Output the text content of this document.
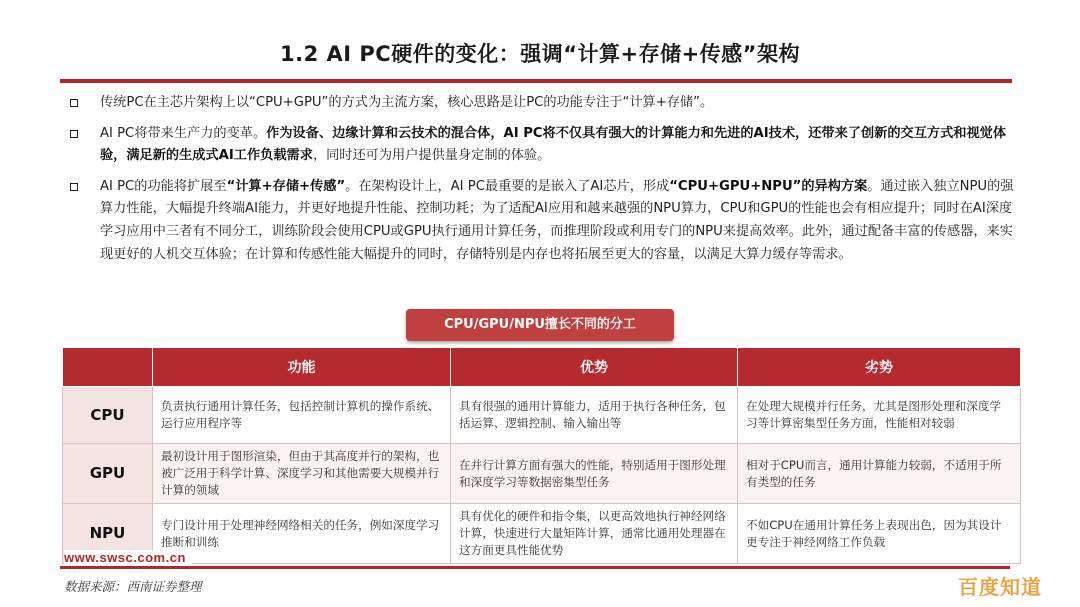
1.2 AI PC硬件的变化：强调“计算+存储+传感”架构
传统PC在主芯片架构上以“CPU+GPU”的方式为主流方案，核心思路是让PC的功能专注于“计算+存储”。
AI PC将带来生产力的变革。作为设备、边缘计算和云技术的混合体，AI PC将不仅具有强大的计算能力和先进的AI技术，还带来了创新的交互方式和视觉体验，满足新的生成式AI工作负载需求，同时还可为用户提供量身定制的体验。
AI PC的功能将扩展至“计算+存储+传感”。在架构设计上，AI PC最重要的是嵌入了AI芯片，形成“CPU+GPU+NPU”的异构方案。通过嵌入独立NPU的强算力性能，大幅提升终端AI能力，并更好地提升性能、控制功耗；为了适配AI应用和越来越强的NPU算力，CPU和GPU的性能也会有相应提升；同时在AI深度学习应用中三者有不同分工，训练阶段会使用CPU或GPU执行通用计算任务，而推理阶段或利用专门的NPU来提高效率。此外，通过配备丰富的传感器，来实现更好的人机交互体验；在计算和传感性能大幅提升的同时，存储特别是内存也将拓展至更大的容量，以满足大算力缓存等需求。
CPU/GPU/NPU擅长不同的分工
	功能	优势	劣势
CPU	负责执行通用计算任务，包括控制计算机的操作系统、运行应用程序等	具有很强的通用计算能力，适用于执行各种任务，包括运算、逻辑控制、输入输出等	在处理大规模并行任务，尤其是图形处理和深度学习等计算密集型任务方面，性能相对较弱
GPU	最初设计用于图形渲染，但由于其高度并行的架构，也被广泛用于科学计算、深度学习和其他需要大规模并行计算的领域	在并行计算方面有强大的性能，特别适用于图形处理和深度学习等数据密集型任务	相对于CPU而言，通用计算能力较弱，不适用于所有类型的任务
NPU	专门设计用于处理神经网络相关的任务，例如深度学习推断和训练	具有优化的硬件和指令集，以更高效地执行神经网络计算，快速进行大量矩阵计算，通常比通用处理器在这方面更具性能优势	不如CPU在通用计算任务上表现出色，因为其设计更专注于神经网络工作负载
www.swsc.com.cn
数据来源：西南证券整理	百度知道
